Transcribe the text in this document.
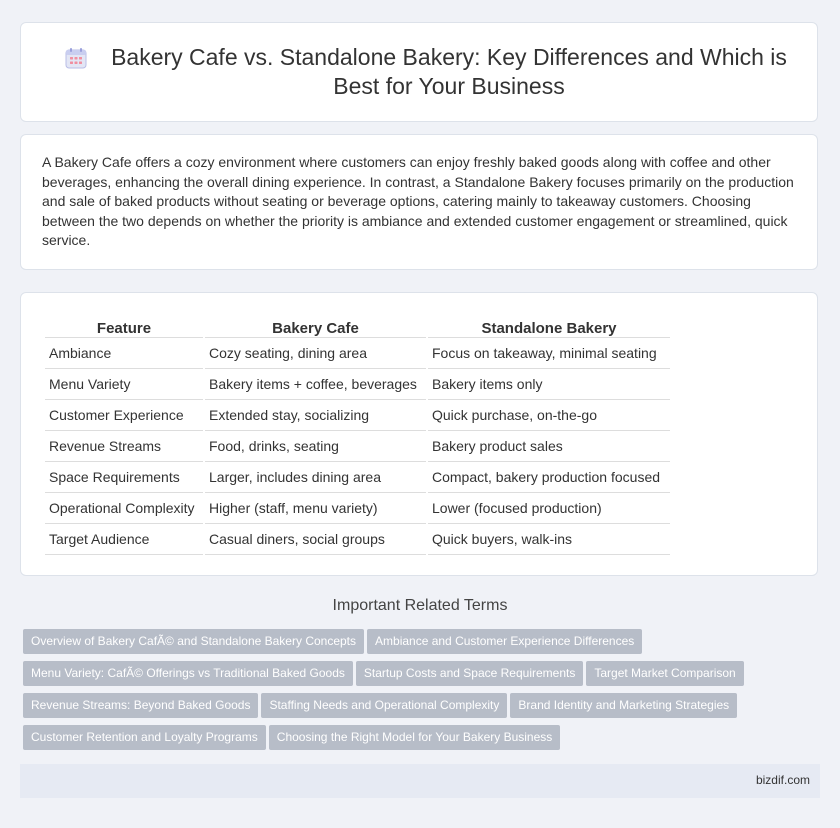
Bakery Cafe vs. Standalone Bakery: Key Differences and Which is Best for Your Business

A Bakery Cafe offers a cozy environment where customers can enjoy freshly baked goods along with coffee and other beverages, enhancing the overall dining experience. In contrast, a Standalone Bakery focuses primarily on the production and sale of baked products without seating or beverage options, catering mainly to takeaway customers. Choosing between the two depends on whether the priority is ambiance and extended customer engagement or streamlined, quick service.

Feature	Bakery Cafe	Standalone Bakery
Ambiance	Cozy seating, dining area	Focus on takeaway, minimal seating
Menu Variety	Bakery items + coffee, beverages	Bakery items only
Customer Experience	Extended stay, socializing	Quick purchase, on-the-go
Revenue Streams	Food, drinks, seating	Bakery product sales
Space Requirements	Larger, includes dining area	Compact, bakery production focused
Operational Complexity	Higher (staff, menu variety)	Lower (focused production)
Target Audience	Casual diners, social groups	Quick buyers, walk-ins
Important Related Terms
Overview of Bakery CafÃ© and Standalone Bakery Concepts Ambiance and Customer Experience DifferencesMenu Variety: CafÃ© Offerings vs Traditional Baked Goods Startup Costs and Space Requirements Target Market ComparisonRevenue Streams: Beyond Baked Goods Staffing Needs and Operational Complexity Brand Identity and Marketing StrategiesCustomer Retention and Loyalty Programs Choosing the Right Model for Your Bakery Business
bizdif.com
